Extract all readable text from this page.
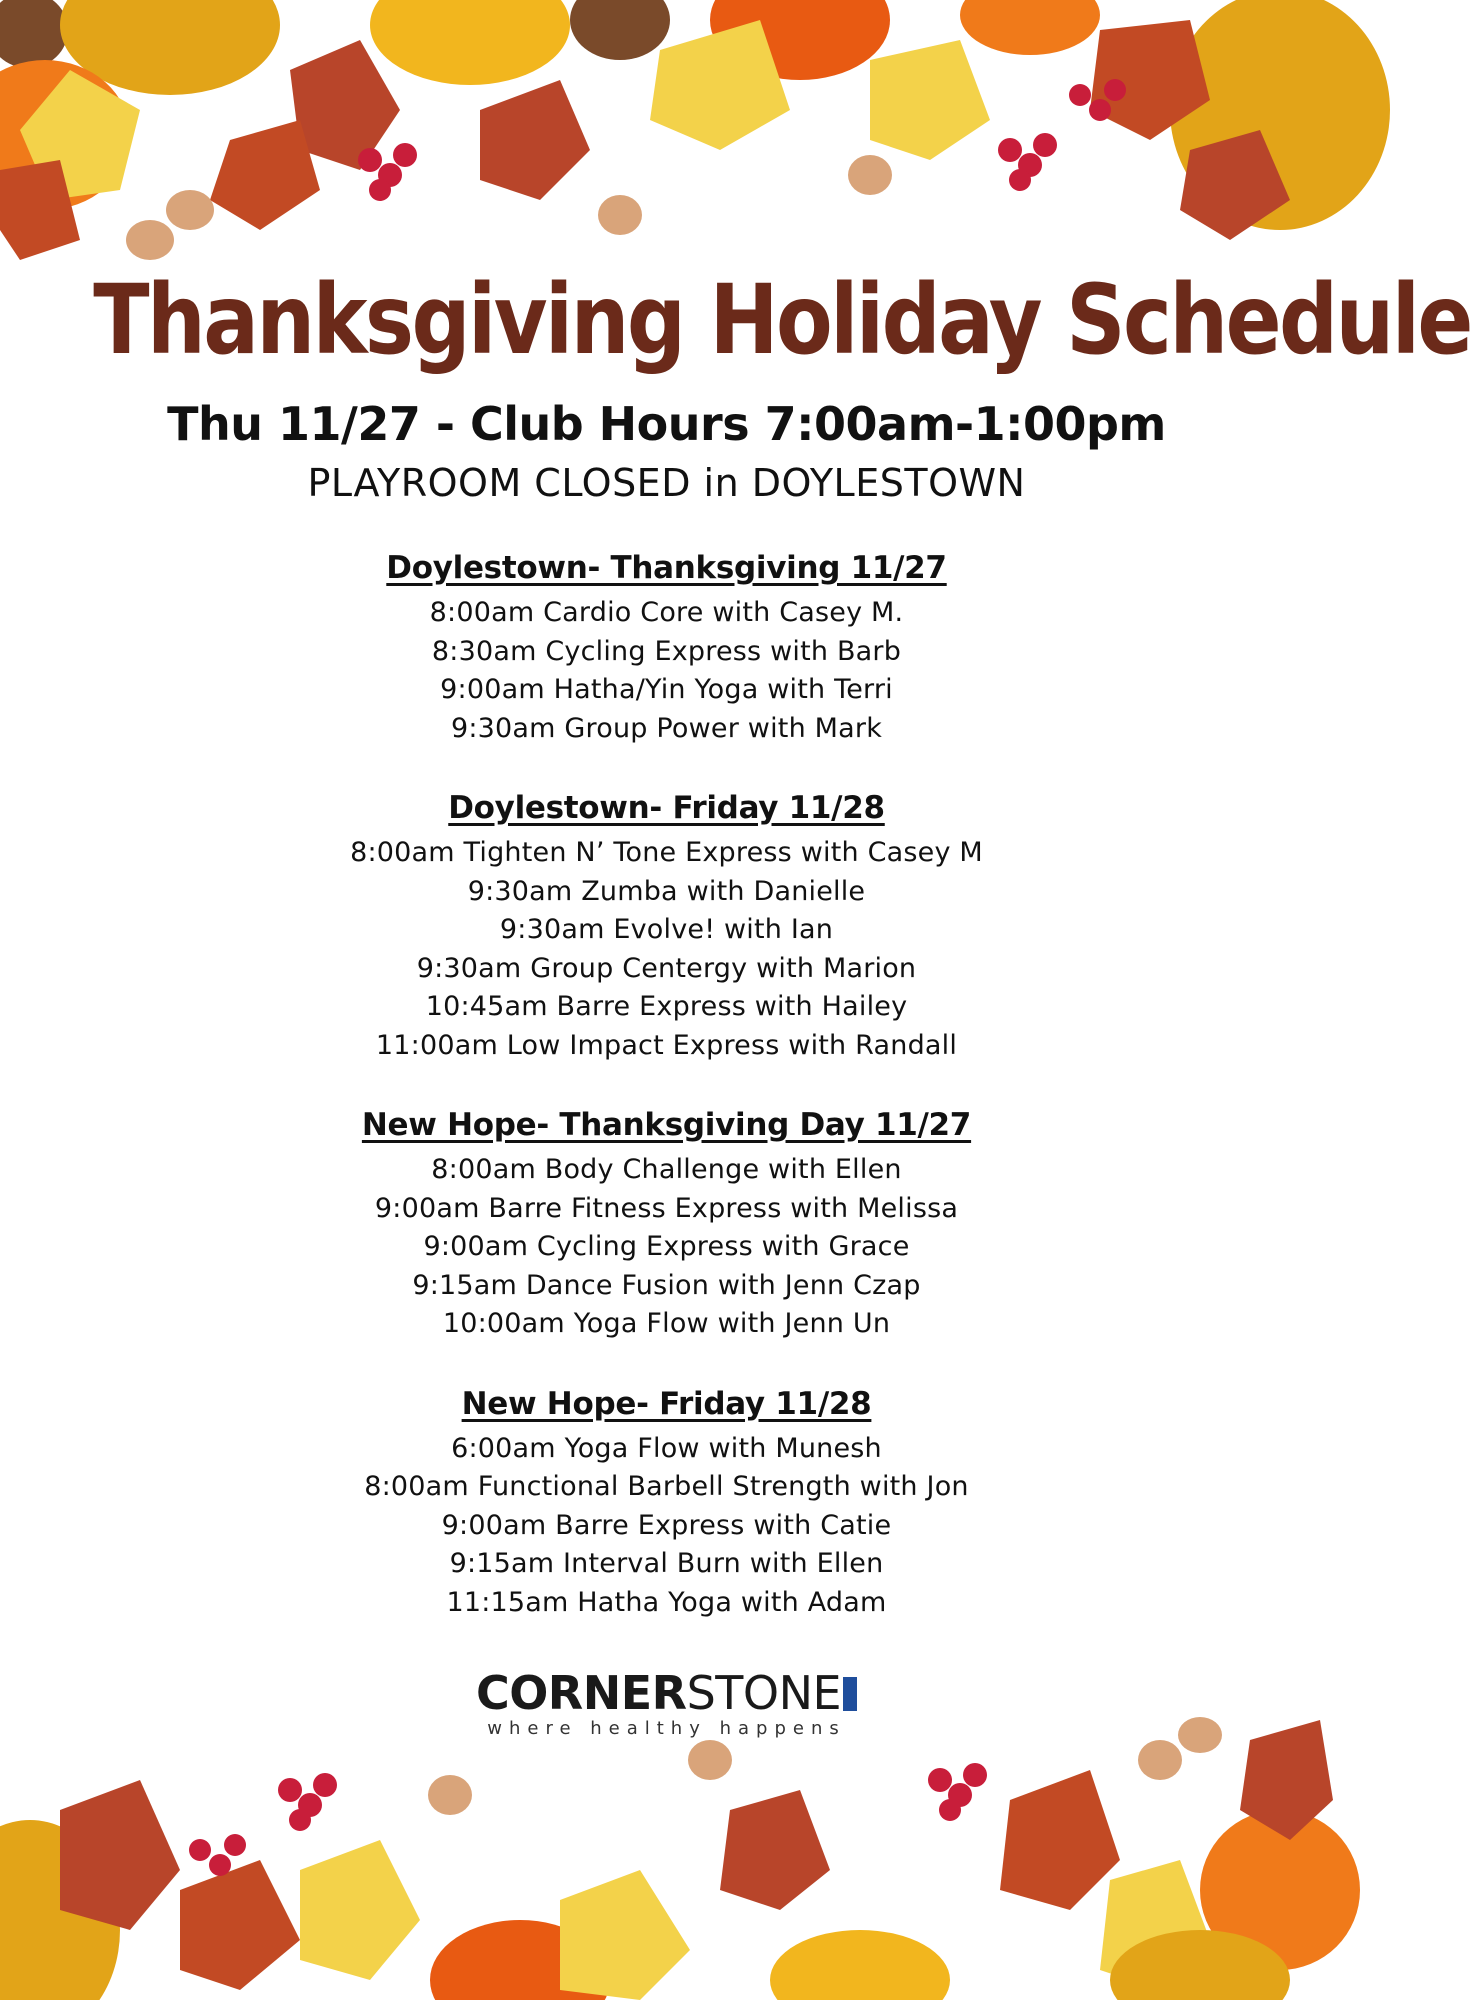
Thanksgiving Holiday Schedule

Thu 11/27 - Club Hours 7:00am-1:00pm

PLAYROOM CLOSED in DOYLESTOWN

Doylestown- Thanksgiving 11/27

8:00am Cardio Core with Casey M.

8:30am Cycling Express with Barb

9:00am Hatha/Yin Yoga with Terri

9:30am Group Power with Mark

Doylestown- Friday 11/28

8:00am Tighten N’ Tone Express with Casey M

9:30am Zumba with Danielle

9:30am Evolve! with Ian

9:30am Group Centergy with Marion

10:45am Barre Express with Hailey

11:00am Low Impact Express with Randall

New Hope- Thanksgiving Day 11/27

8:00am Body Challenge with Ellen

9:00am Barre Fitness Express with Melissa

9:00am Cycling Express with Grace

9:15am Dance Fusion with Jenn Czap

10:00am Yoga Flow with Jenn Un

New Hope- Friday 11/28

6:00am Yoga Flow with Munesh

8:00am Functional Barbell Strength with Jon

9:00am Barre Express with Catie

9:15am Interval Burn with Ellen

11:15am Hatha Yoga with Adam

CORNERSTONE
where healthy happens
